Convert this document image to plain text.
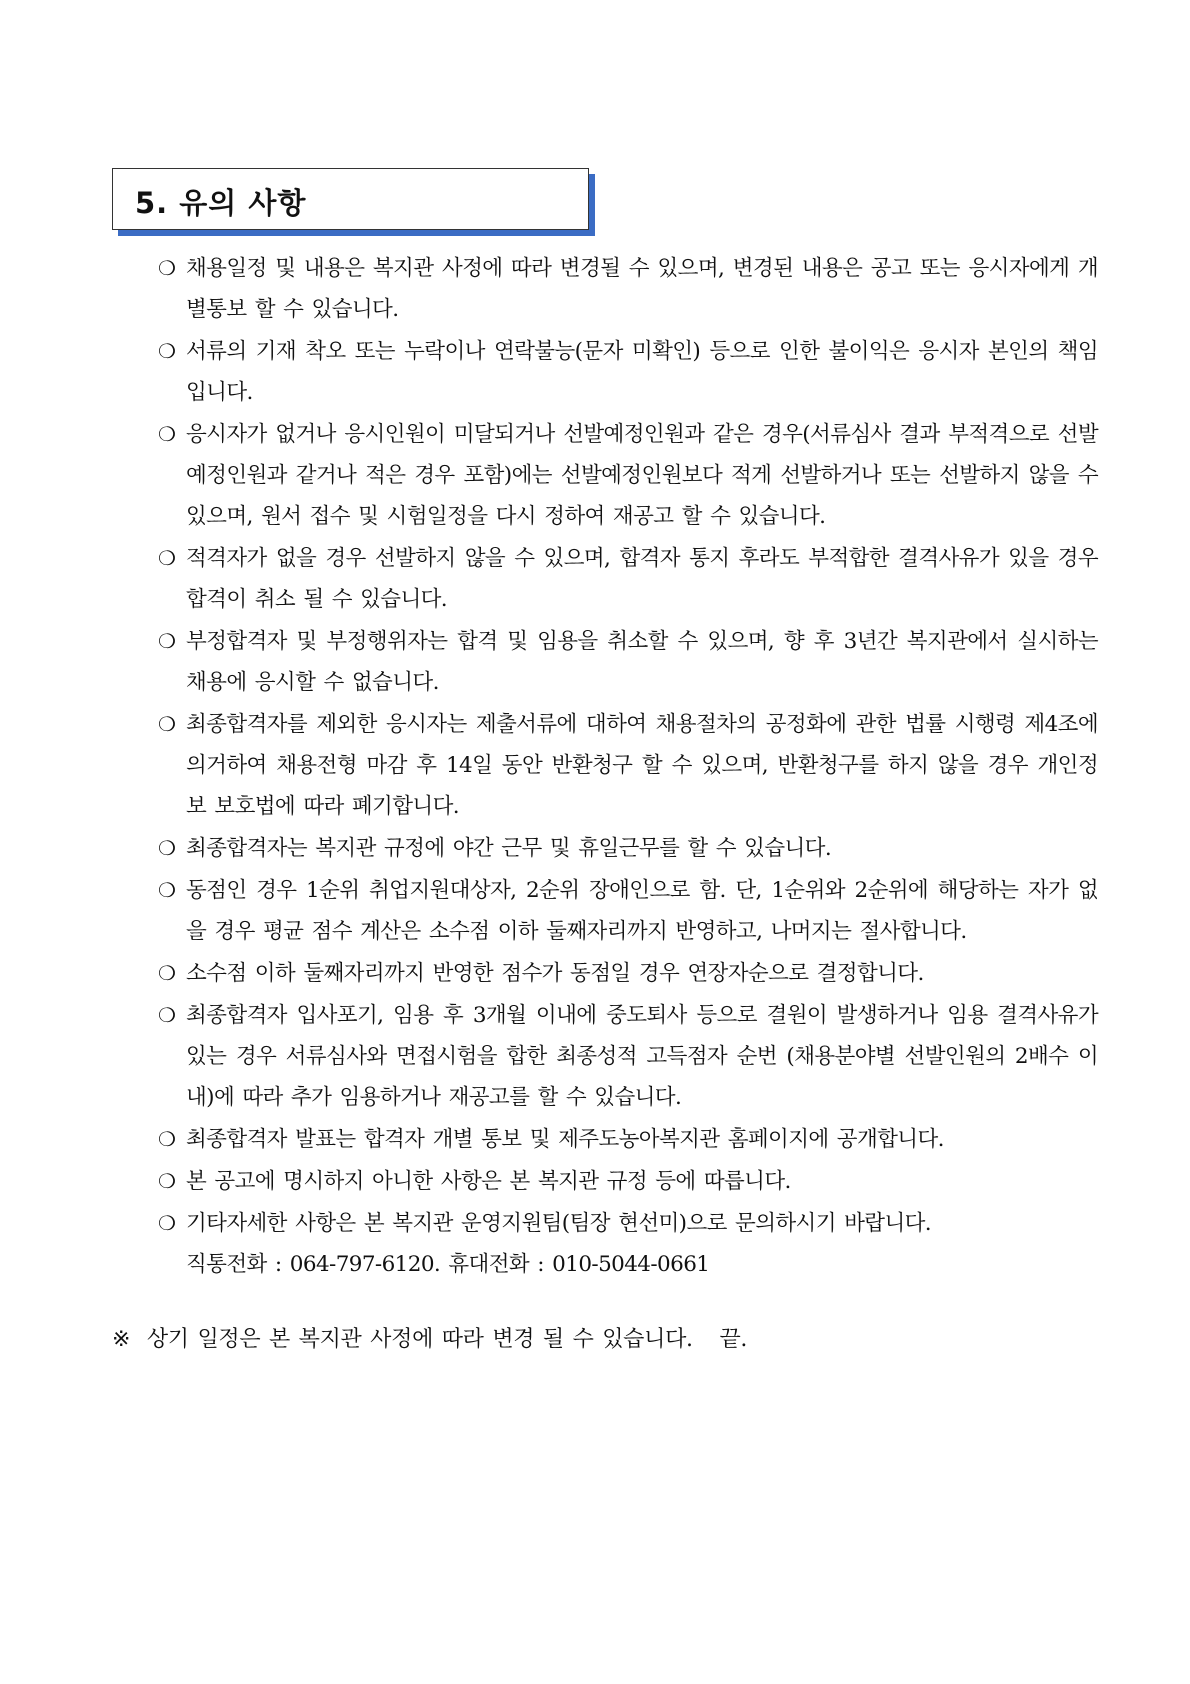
5. 유의 사항
❍ 채용일정 및 내용은 복지관 사정에 따라 변경될 수 있으며, 변경된 내용은 공고 또는 응시자에게 개별통보 할 수 있습니다.
❍ 서류의 기재 착오 또는 누락이나 연락불능(문자 미확인) 등으로 인한 불이익은 응시자 본인의 책임입니다.
❍ 응시자가 없거나 응시인원이 미달되거나 선발예정인원과 같은 경우(서류심사 결과 부적격으로 선발예정인원과 같거나 적은 경우 포함)에는 선발예정인원보다 적게 선발하거나 또는 선발하지 않을 수 있으며, 원서 접수 및 시험일정을 다시 정하여 재공고 할 수 있습니다.
❍ 적격자가 없을 경우 선발하지 않을 수 있으며, 합격자 통지 후라도 부적합한 결격사유가 있을 경우 합격이 취소 될 수 있습니다.
❍ 부정합격자 및 부정행위자는 합격 및 임용을 취소할 수 있으며, 향 후 3년간 복지관에서 실시하는 채용에 응시할 수 없습니다.
❍ 최종합격자를 제외한 응시자는 제출서류에 대하여 채용절차의 공정화에 관한 법률 시행령 제4조에 의거하여 채용전형 마감 후 14일 동안 반환청구 할 수 있으며, 반환청구를 하지 않을 경우 개인정보 보호법에 따라 폐기합니다.
❍ 최종합격자는 복지관 규정에 야간 근무 및 휴일근무를 할 수 있습니다.
❍ 동점인 경우 1순위 취업지원대상자, 2순위 장애인으로 함. 단, 1순위와 2순위에 해당하는 자가 없을 경우 평균 점수 계산은 소수점 이하 둘째자리까지 반영하고, 나머지는 절사합니다.
❍ 소수점 이하 둘째자리까지 반영한 점수가 동점일 경우 연장자순으로 결정합니다.
❍ 최종합격자 입사포기, 임용 후 3개월 이내에 중도퇴사 등으로 결원이 발생하거나 임용 결격사유가 있는 경우 서류심사와 면접시험을 합한 최종성적 고득점자 순번 (채용분야별 선발인원의 2배수 이내)에 따라 추가 임용하거나 재공고를 할 수 있습니다.
❍ 최종합격자 발표는 합격자 개별 통보 및 제주도농아복지관 홈페이지에 공개합니다.
❍ 본 공고에 명시하지 아니한 사항은 본 복지관 규정 등에 따릅니다.
❍ 기타자세한 사항은 본 복지관 운영지원팀(팀장 현선미)으로 문의하시기 바랍니다.
직통전화 : 064-797-6120. 휴대전화 : 010-5044-0661
※ 상기 일정은 본 복지관 사정에 따라 변경 될 수 있습니다. 끝.
